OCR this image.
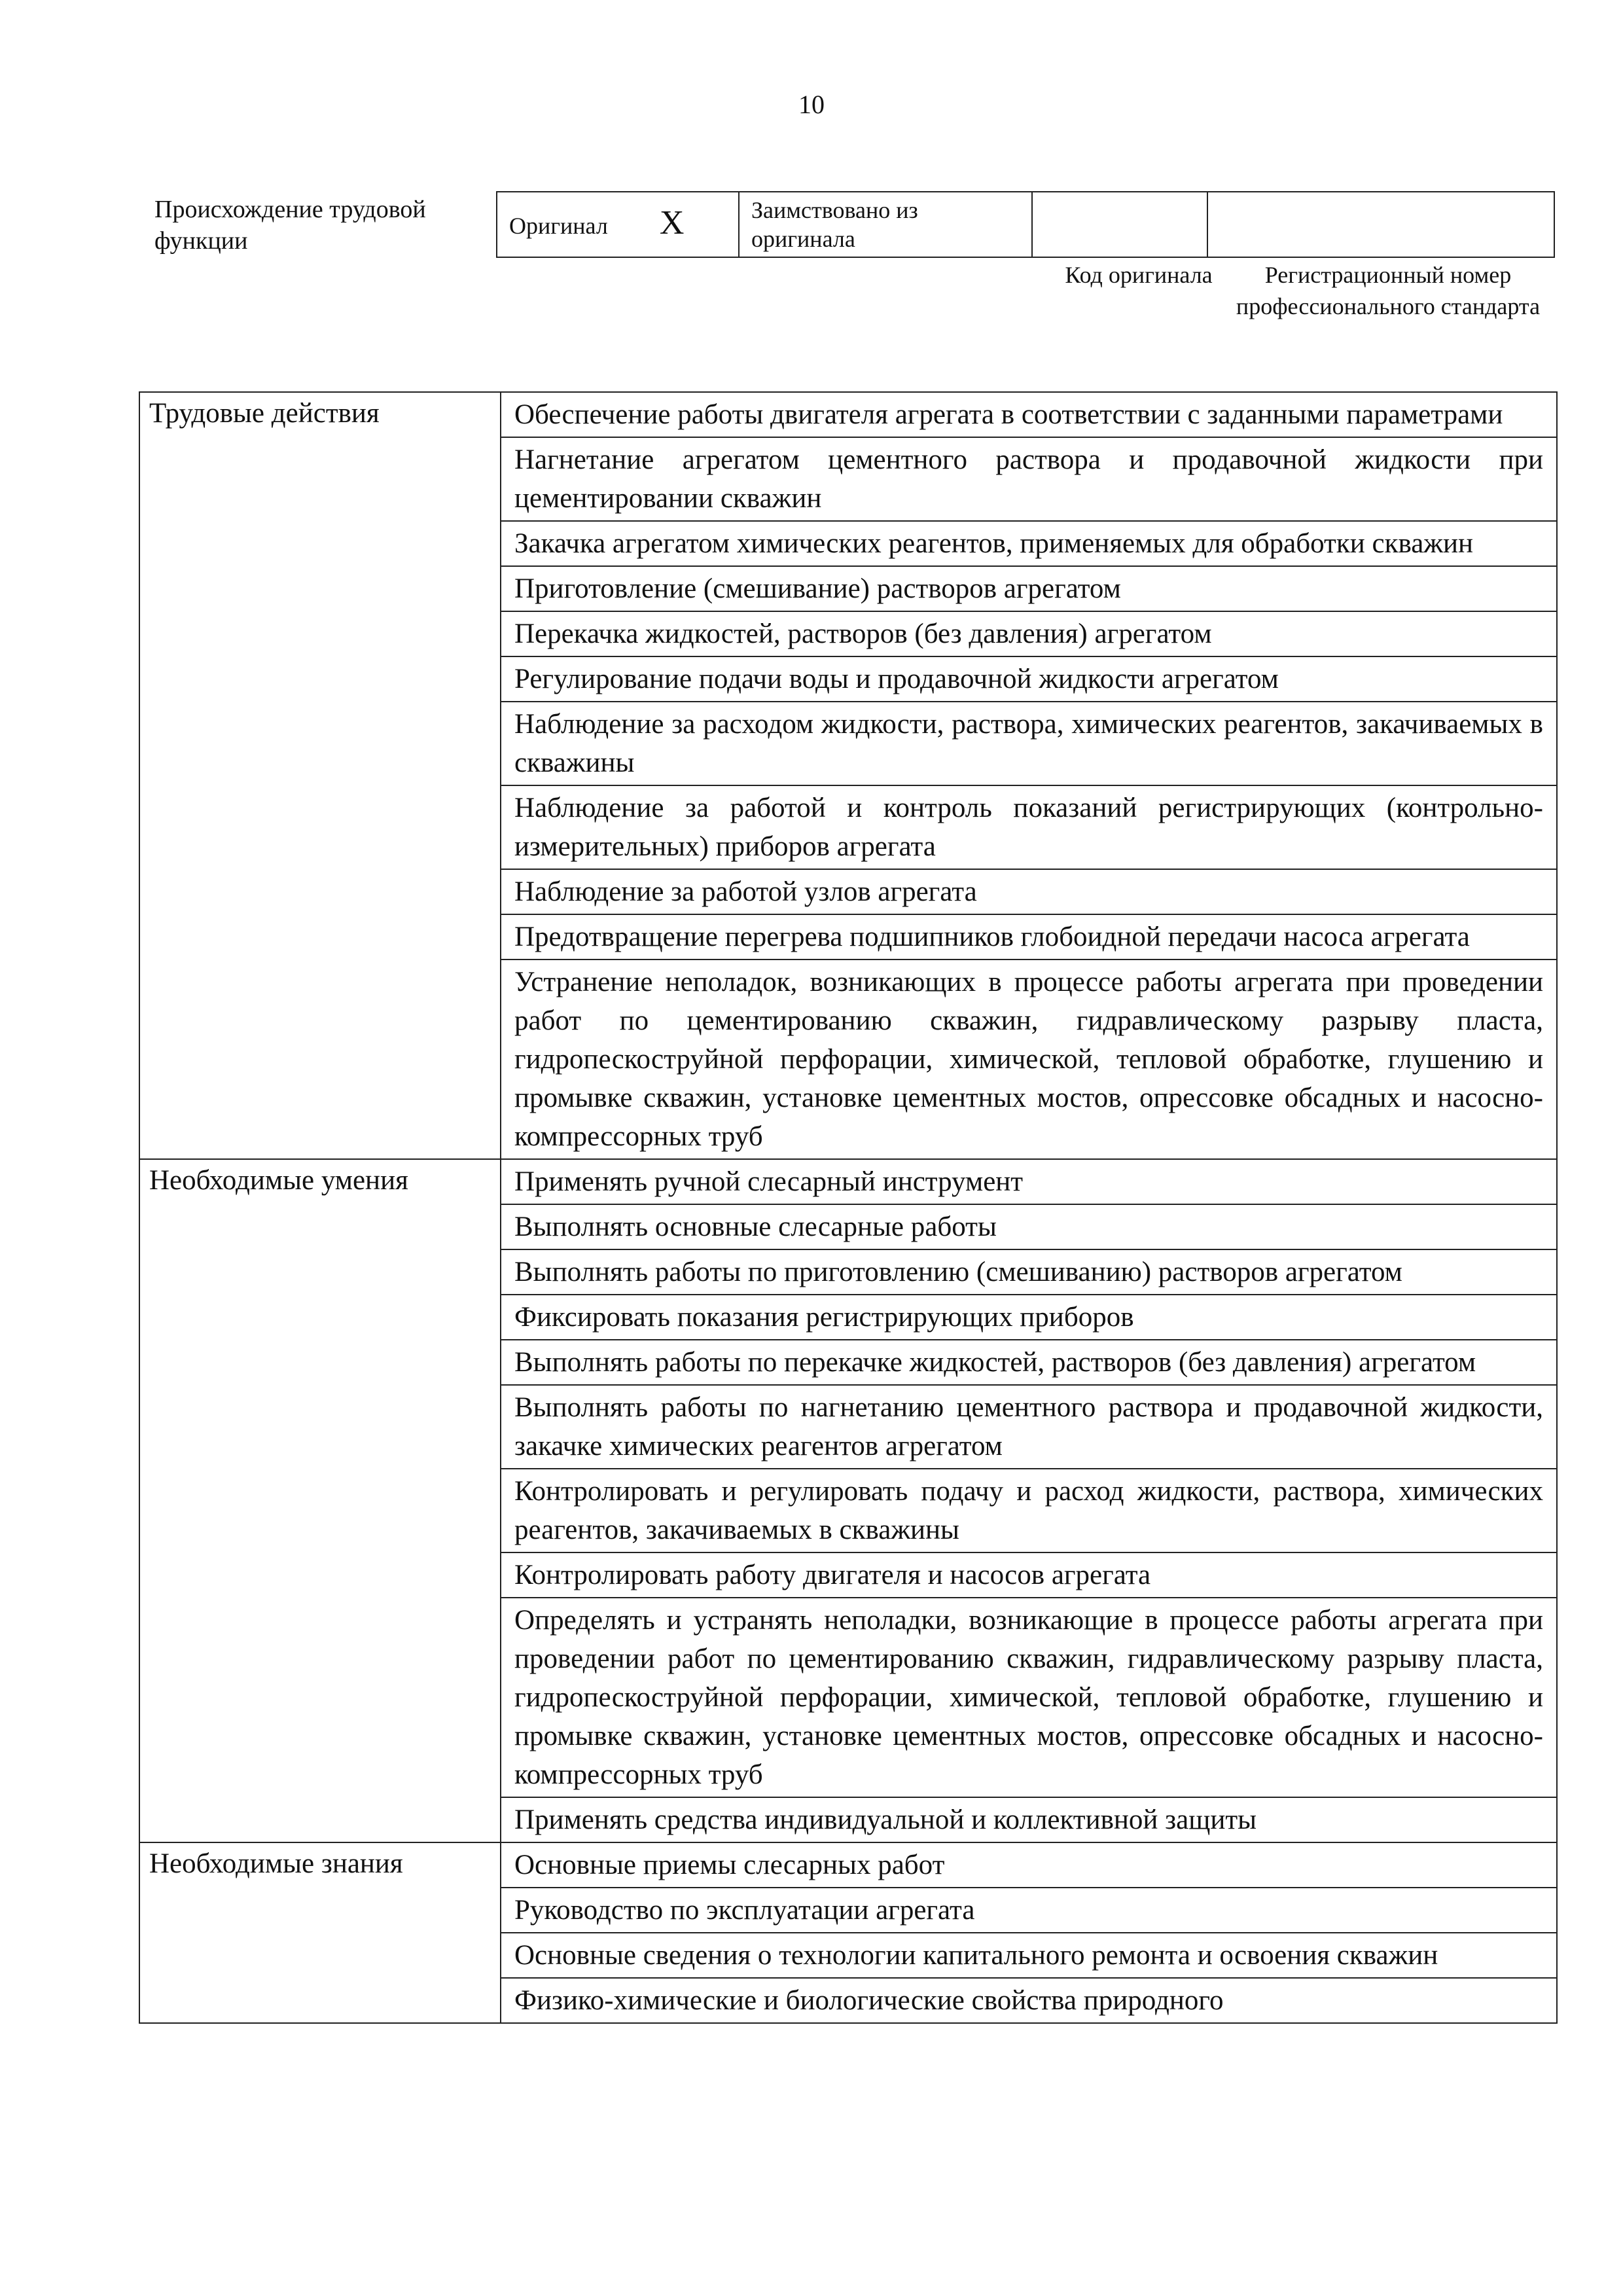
10
Происхождение трудовой функции
Оригинал X	Заимствовано из оригинала		
Код оригинала	Регистрационный номер профессионального стандарта
Трудовые действия	Обеспечение работы двигателя агрегата в соответствии с заданными параметрами
	Нагнетание агрегатом цементного раствора и продавочной жидкости при цементировании скважин
	Закачка агрегатом химических реагентов, применяемых для обработки скважин
	Приготовление (смешивание) растворов агрегатом
	Перекачка жидкостей, растворов (без давления) агрегатом
	Регулирование подачи воды и продавочной жидкости агрегатом
	Наблюдение за расходом жидкости, раствора, химических реагентов, закачиваемых в скважины
	Наблюдение за работой и контроль показаний регистрирующих (контрольно-измерительных) приборов агрегата
	Наблюдение за работой узлов агрегата
	Предотвращение перегрева подшипников глобоидной передачи насоса агрегата
	Устранение неполадок, возникающих в процессе работы агрегата при проведении работ по цементированию скважин, гидравлическому разрыву пласта, гидропескоструйной перфорации, химической, тепловой обработке, глушению и промывке скважин, установке цементных мостов, опрессовке обсадных и насосно-компрессорных труб
Необходимые умения	Применять ручной слесарный инструмент
	Выполнять основные слесарные работы
	Выполнять работы по приготовлению (смешиванию) растворов агрегатом
	Фиксировать показания регистрирующих приборов
	Выполнять работы по перекачке жидкостей, растворов (без давления) агрегатом
	Выполнять работы по нагнетанию цементного раствора и продавочной жидкости, закачке химических реагентов агрегатом
	Контролировать и регулировать подачу и расход жидкости, раствора, химических реагентов, закачиваемых в скважины
	Контролировать работу двигателя и насосов агрегата
	Определять и устранять неполадки, возникающие в процессе работы агрегата при проведении работ по цементированию скважин, гидравлическому разрыву пласта, гидропескоструйной перфорации, химической, тепловой обработке, глушению и промывке скважин, установке цементных мостов, опрессовке обсадных и насосно-компрессорных труб
	Применять средства индивидуальной и коллективной защиты
Необходимые знания	Основные приемы слесарных работ
	Руководство по эксплуатации агрегата
	Основные сведения о технологии капитального ремонта и освоения скважин
	Физико-химические и биологические свойства природного
